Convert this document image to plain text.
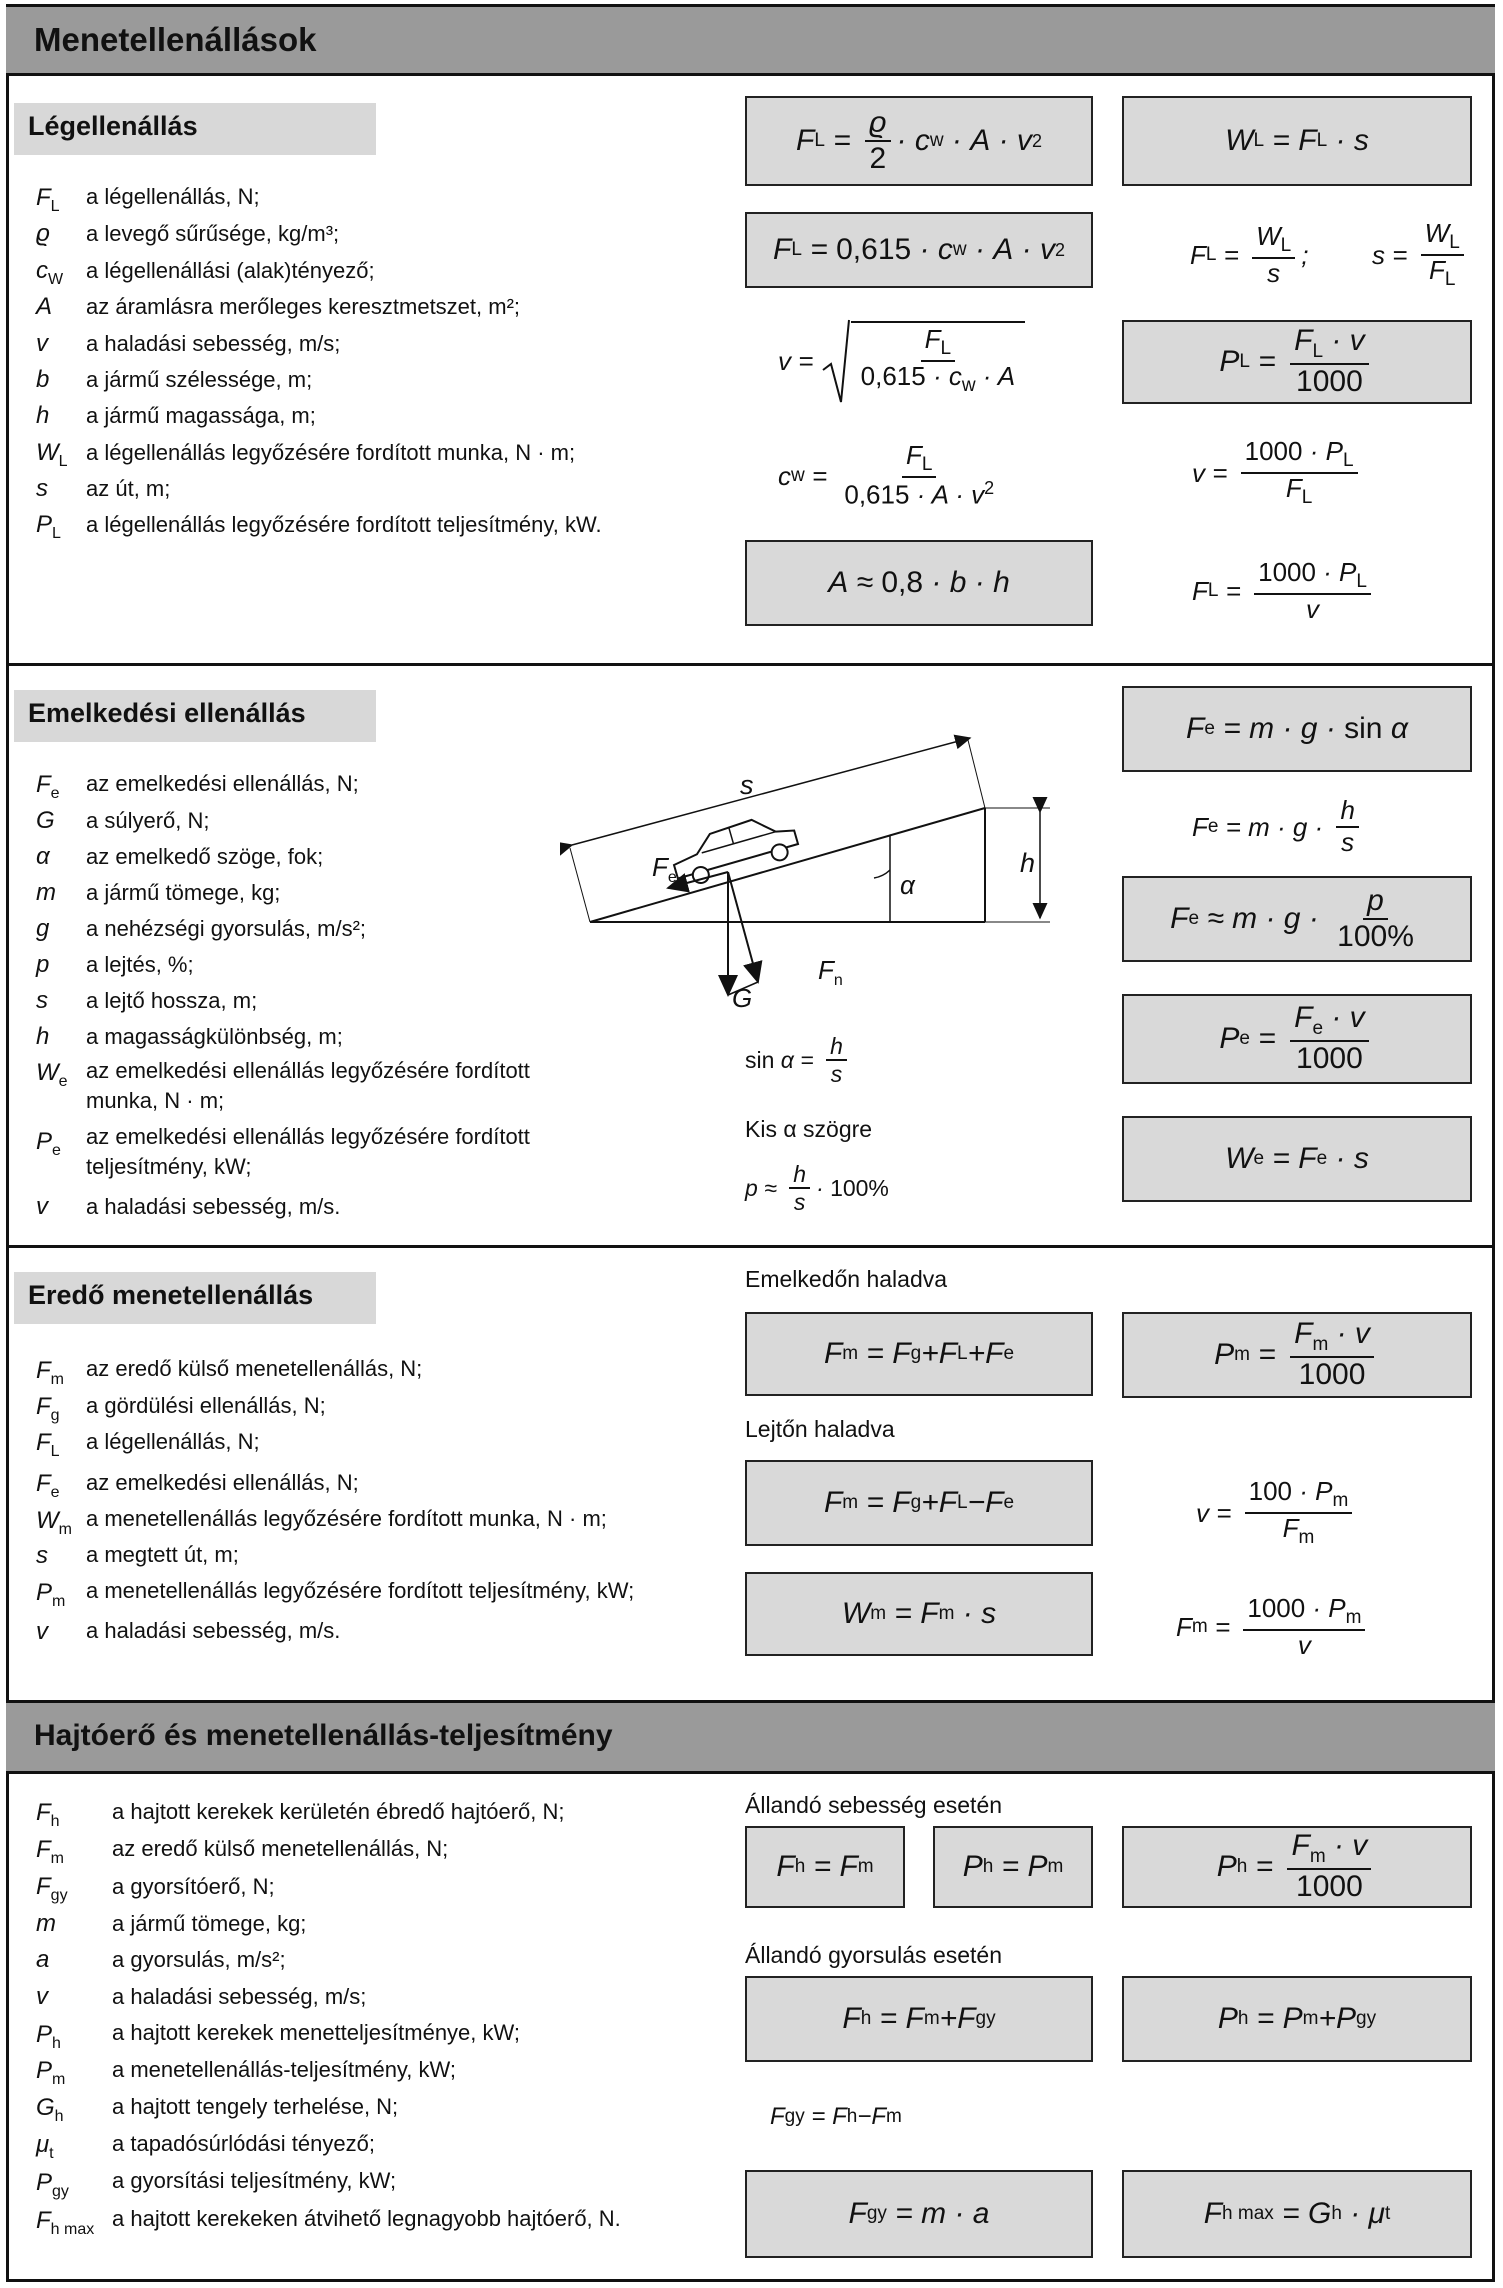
Menetellenállások
Légellenállás
$F_L$ a légellenállás, N;
ϱ a levegő sűrűsége, kg/m³;
$c_W$ a légellenállási (alak)tényező;
A az áramlásra merőleges keresztmetszet, m²;
v a haladási sebesség, m/s;
b a jármű szélessége, m;
h a jármű magassága, m;
$W_L$ a légellenállás legyőzésére fordított munka, N · m;
s az út, m;
$P_L$ a légellenállás legyőzésére fordított teljesítmény, kW.
F $L = \frac{ϱ}{2} \cdot c$ w · A · v 2
F L = 0,615 · c w · A · v 2
$v = \frac{F_L}{0,615 \cdot c_w \cdot A}$
c $w = \frac{F_L}{0,615 \cdot A \cdot v^2}$
A ≈ 0,8 · b · h
W L = F L · s
F $L = \frac{W_L}{s}$ ; $s = \frac{W_L}{F_L}$
P $L = \frac{F_L \cdot v}{1000}$
$v = \frac{1000 \cdot P_L}{F_L}$
F $L = \frac{1000 \cdot P_L}{v}$
Emelkedési ellenállás
$F_e$ az emelkedési ellenállás, N;
G a súlyerő, N;
α az emelkedő szöge, fok;
m a jármű tömege, kg;
g a nehézségi gyorsulás, m/s²;
p a lejtés, %;
s a lejtő hossza, m;
h a magasságkülönbség, m;
$W_e$ az emelkedési ellenállás legyőzésére fordított
munka, N · m;
$P_e$
az emelkedési ellenállás legyőzésére fordított
teljesítmény, kW;
v a haladási sebesség, m/s.
s
$F_e$
$F_n$
G
α
h
$\sin \alpha = \frac{h}{s}$
Kis α szögre
$p \approx \frac{h}{s} \cdot 100\%$
F e = m · g · sin α
F $e = m \cdot g \cdot \frac{h}{s}$
F $e \approx m \cdot g \cdot \frac{p}{100\%}$
P $e = \frac{F_e \cdot v}{1000}$
W e = F e · s
Eredő menetellenállás
$F_m$ az eredő külső menetellenállás, N;
$F_g$ a gördülési ellenállás, N;
$F_L$ a légellenállás, N;
$F_e$ az emelkedési ellenállás, N;
$W_m$ a menetellenállás legyőzésére fordított munka, N · m;
s a megtett út, m;
$P_m$ a menetellenállás legyőzésére fordított teljesítmény, kW;
v a haladási sebesség, m/s.
Emelkedőn haladva
F m = F g +F L +F e
Lejtőn haladva
F m = F g +F L −F e
W m = F m · s
P $m = \frac{F_m \cdot v}{1000}$
$v = \frac{100 \cdot P_m}{F_m}$
F $m = \frac{1000 \cdot P_m}{v}$
Hajtóerő és menetellenállás-teljesítmény
$F_h$ a hajtott kerekek kerületén ébredő hajtóerő, N;
$F_m$ az eredő külső menetellenállás, N;
$F_{gy}$ a gyorsítóerő, N;
m	a jármű tömege, kg;
a	a gyorsulás, m/s²;
v	a haladási sebesség, m/s;
$P_h$ a hajtott kerekek menetteljesítménye, kW;
$P_m$ a menetellenállás-teljesítmény, kW;
$G_h$ a hajtott tengely terhelése, N;
$\mu_t$	a tapadósúrlódási tényező;
$P_{gy}$ a gyorsítási teljesítmény, kW;
$F_{h max}$ a hajtott kerekeken átvihető legnagyobb hajtóerő, N.
Állandó sebesség esetén
F h = F m	P h = P m	P $h = \frac{F_m \cdot v}{1000}$
Állandó gyorsulás esetén
F h = F m +F gy	P h = P m +P gy
F gy = F h −F m
F gy = m · a	F h max = G h · μ t
